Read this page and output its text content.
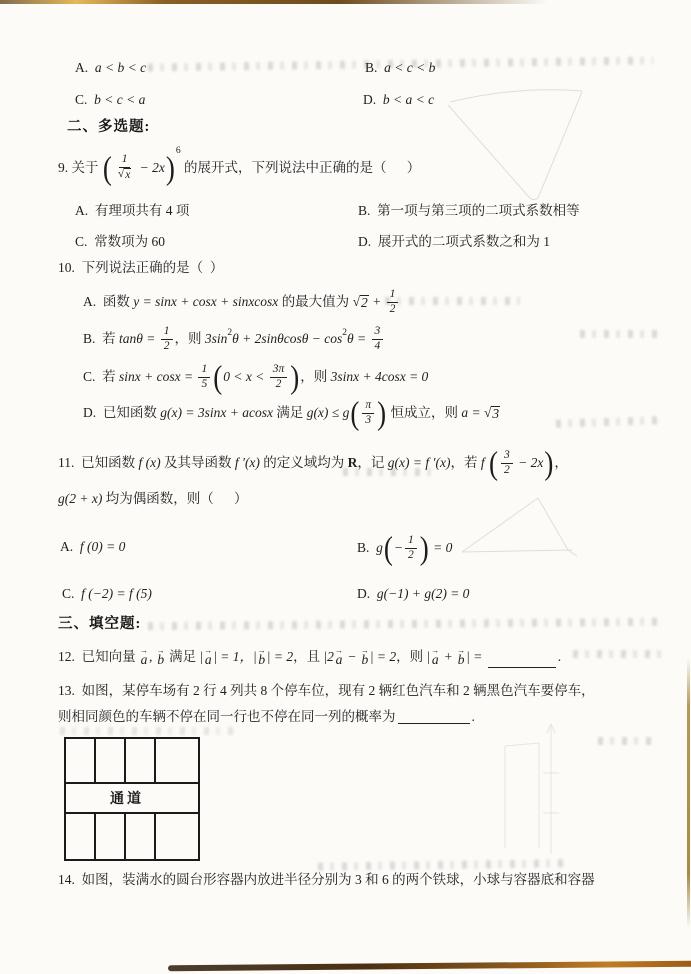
A. a < b < c	B. a < c < b
C. b < c < a	D. b < a < c
二、多选题:
9. 关于 ( $\frac{1}{√ x} - 2x$ ) 6
的展开式，下列说法中正确的是（      ）
A.  有理项共有 4 项	B.  第一项与第三项的二项式系数相等
C.  常数项为 60	D.  展开式的二项式系数之和为 1
10.  下列说法正确的是（  ）
A.  函数 y = sinx + cosx + sinxcosx 的最大值为 √ $2 + \frac{1}{2}$
B.  若 $\tan\theta = \frac{1}{2}$ ，则 3sin 2 θ + 2sinθcosθ − cos 2 $\theta = \frac{3}{4}$
C.  若 $\sin x + \cos x = \frac{1}{5}$ ( $0 < x < \frac{3\pi}{2}$ ) ，则 3sinx + 4cosx = 0
D.  已知函数 g(x) = 3sinx + acosx 满足 g(x) ≤ g ( $\frac{\pi}{3}$ ) 恒成立，则 a = √ 3
11.  已知函数 f (x) 及其导函数 f ′(x) 的定义域均为 R ，记 g(x) = f ′(x) ，若 f ( $\frac{3}{2} - 2x$ ) ，
g(2 + x) 均为偶函数，则（      ）
A. f (0) = 0	B. g ( − $\frac{1}{2}$ ) = 0
C. f (−2) = f (5)	D. g(−1) + g(2) = 0
三、填空题:
12.  已知向量 →
a , →
b 满足 | →
a | = 1，| →
b | = 2 ，且 |2 →
a − →
b | = 2 ，则 | →
a + →
b | =	.
13.  如图，某停车场有 2 行 4 列共 8 个停车位，现有 2 辆红色汽车和 2 辆黑色汽车要停车，
则相同颜色的车辆不停在同一行也不停在同一列的概率为	.
通道
14.  如图，装满水的圆台形容器内放进半径分别为 3 和 6 的两个铁球，小球与容器底和容器
